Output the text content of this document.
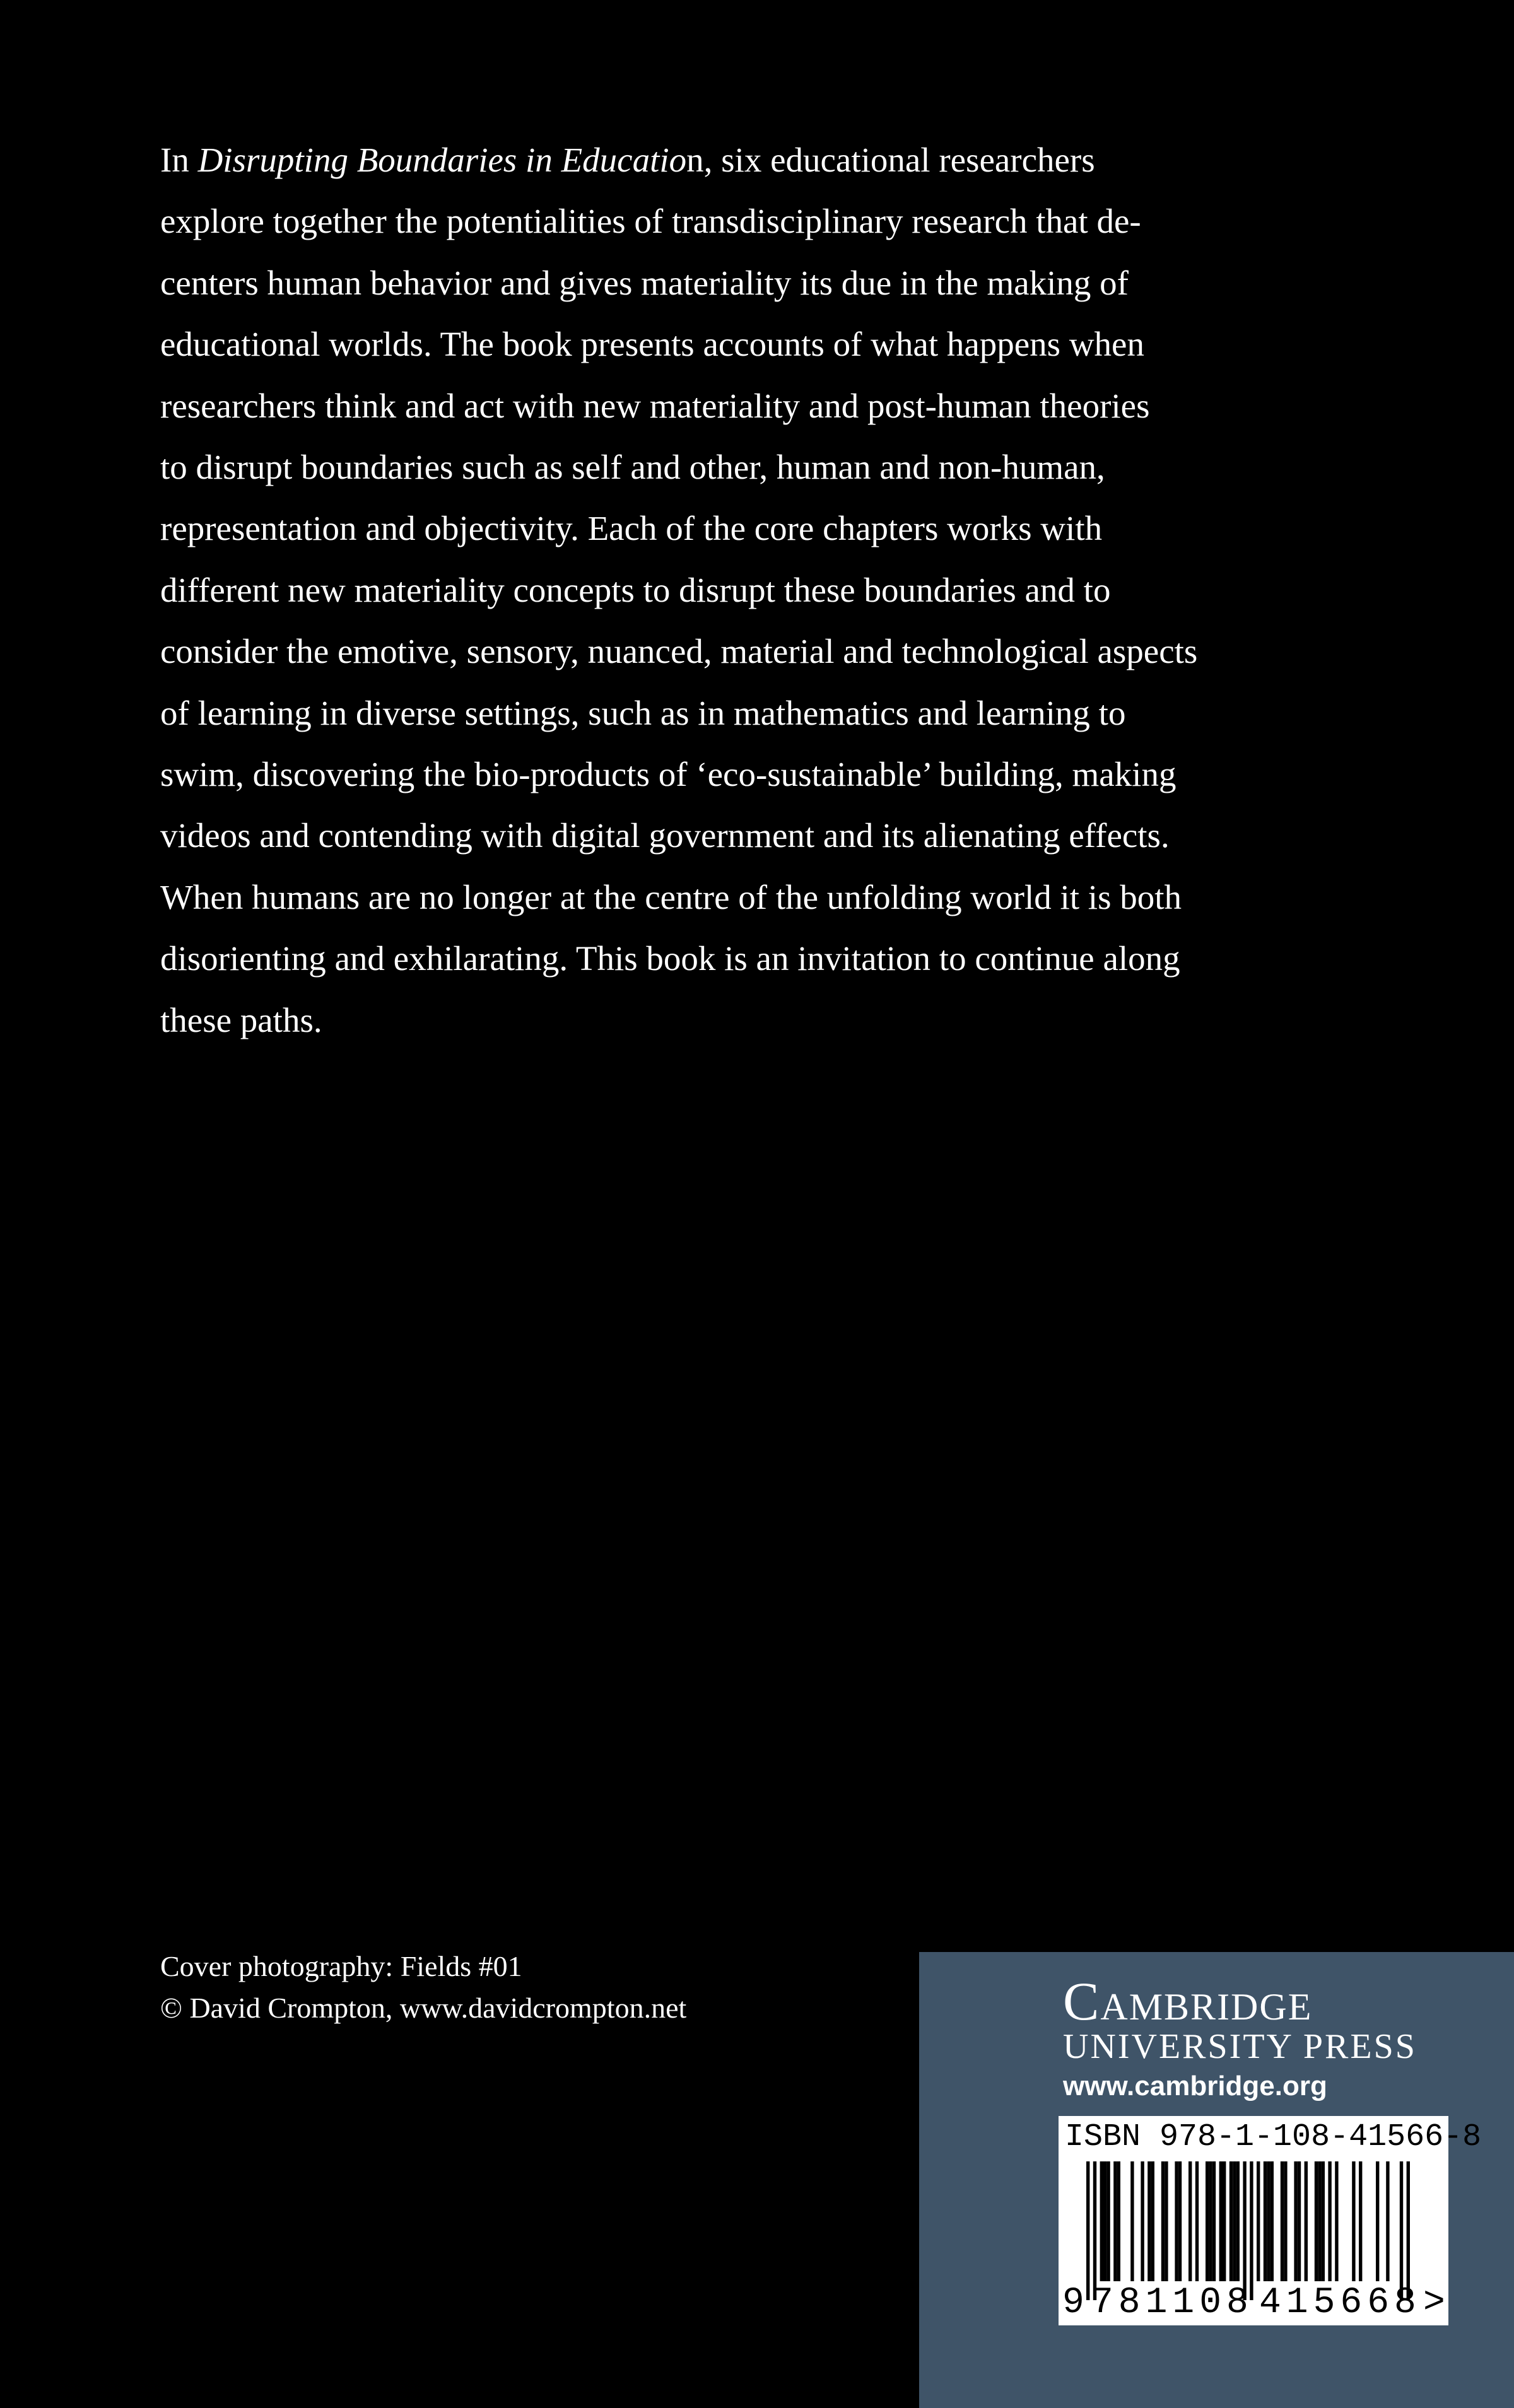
In Disrupting Boundaries in Education, six educational researchers
explore together the potentialities of transdisciplinary research that de-
centers human behavior and gives materiality its due in the making of
educational worlds. The book presents accounts of what happens when
researchers think and act with new materiality and post-human theories
to disrupt boundaries such as self and other, human and non-human,
representation and objectivity. Each of the core chapters works with
different new materiality concepts to disrupt these boundaries and to
consider the emotive, sensory, nuanced, material and technological aspects
of learning in diverse settings, such as in mathematics and learning to
swim, discovering the bio-products of ‘eco-sustainable’ building, making
videos and contending with digital government and its alienating effects.
When humans are no longer at the centre of the unfolding world it is both
disorienting and exhilarating. This book is an invitation to continue along
these paths.
Cover photography: Fields #01
© David Crompton, www.davidcrompton.net	Cambridge
UNIVERSITY PRESS
www.cambridge.org
ISBN 978-1-108-41566-8
9 781108 415668 >
